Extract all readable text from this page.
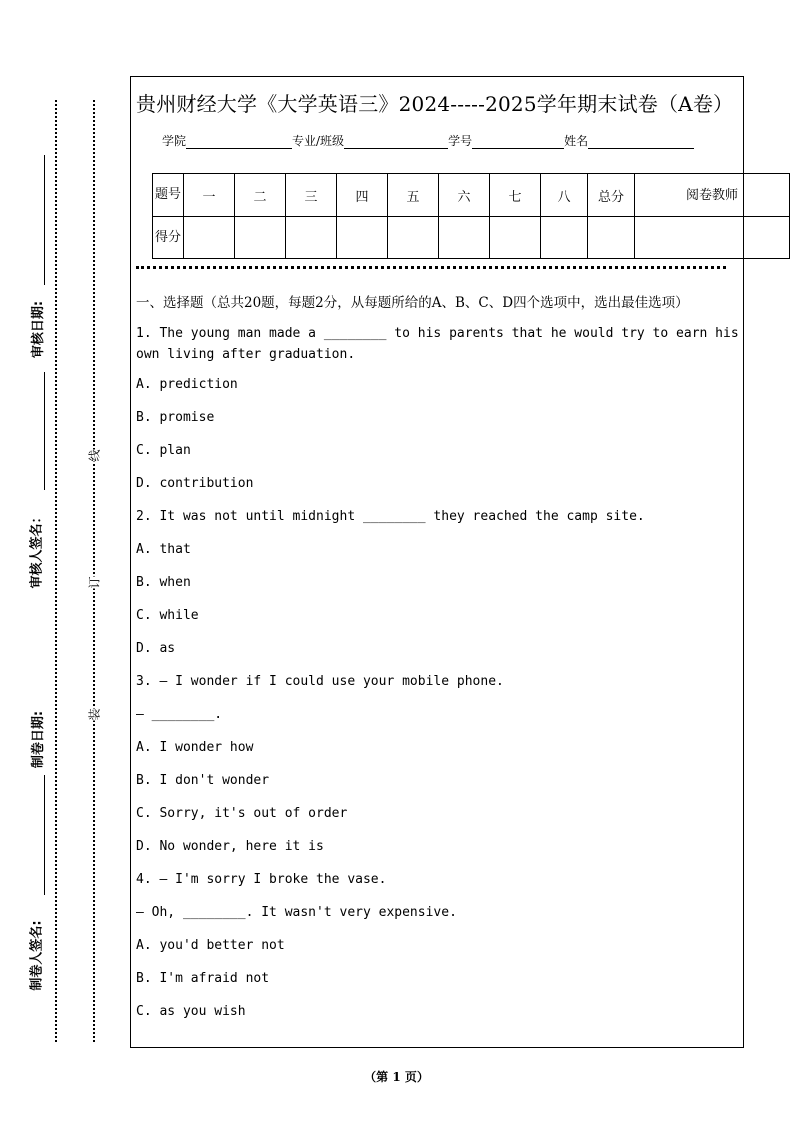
审核日期:
审核人签名：
制卷日期:
制卷人签名:
线
订
装
贵州财经大学《大学英语三》2024-----2025学年期末试卷（A卷）
学院	专业/班级	学号	姓名
题号	一	二	三	四	五	六	七	八	总分	阅卷教师
得分										
一、选择题（总共20题，每题2分，从每题所给的A、B、C、D四个选项中，选出最佳选项）
1. The young man made a ________ to his parents that he would try to earn his own living after graduation.
A. prediction
B. promise
C. plan
D. contribution
2. It was not until midnight ________ they reached the camp site.
A. that
B. when
C. while
D. as
3. — I wonder if I could use your mobile phone.
— ________.
A. I wonder how
B. I don't wonder
C. Sorry, it's out of order
D. No wonder, here it is
4. — I'm sorry I broke the vase.
— Oh, ________. It wasn't very expensive.
A. you'd better not
B. I'm afraid not
C. as you wish
（第 1 页）
